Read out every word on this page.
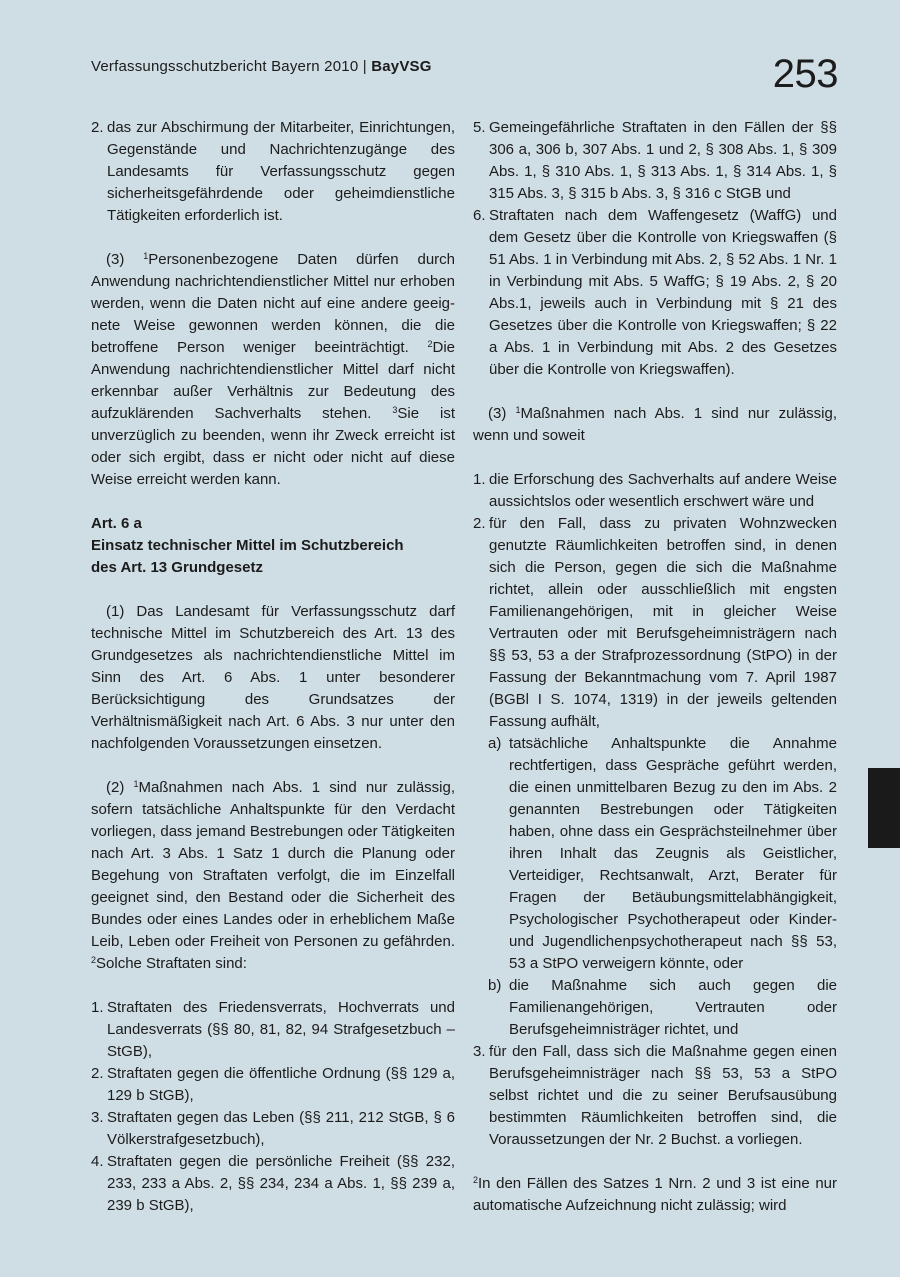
Verfassungsschutzbericht Bayern 2010 | BayVSG	253
2. das zur Abschirmung der Mitarbeiter, Einrichtungen, Gegenstände und Nachrichtenzugänge des Landesamts für Verfassungsschutz gegen sicherheitsgefährdende oder geheimdienstliche Tätigkeiten erforderlich ist.

(3) $^1$Personenbezogene Daten dürfen durch Anwendung nachrichtendienstlicher Mittel nur erhoben werden, wenn die Daten nicht auf eine andere geeig-nete Weise gewonnen werden können, die die betroffene Person weniger beeinträchtigt. $^2$Die Anwendung nachrichtendienstlicher Mittel darf nicht erkennbar außer Verhältnis zur Bedeutung des aufzuklärenden Sachverhalts stehen. $^3$Sie ist unverzüglich zu beenden, wenn ihr Zweck erreicht ist oder sich ergibt, dass er nicht oder nicht auf diese Weise erreicht werden kann.

Art. 6 a

Einsatz technischer Mittel im Schutzbereich

des Art. 13 Grundgesetz

(1) Das Landesamt für Verfassungsschutz darf technische Mittel im Schutzbereich des Art. 13 des Grundgesetzes als nachrichtendienstliche Mittel im Sinn des Art. 6 Abs. 1 unter besonderer Berücksichtigung des Grundsatzes der Verhältnismäßigkeit nach Art. 6 Abs. 3 nur unter den nachfolgenden Voraussetzungen einsetzen.

(2) $^1$Maßnahmen nach Abs. 1 sind nur zulässig, sofern tatsächliche Anhaltspunkte für den Verdacht vorliegen, dass jemand Bestrebungen oder Tätigkeiten nach Art. 3 Abs. 1 Satz 1 durch die Planung oder Begehung von Straftaten verfolgt, die im Einzelfall geeignet sind, den Bestand oder die Sicherheit des Bundes oder eines Landes oder in erheblichem Maße Leib, Leben oder Freiheit von Personen zu gefährden. $^2$Solche Straftaten sind:

1. Straftaten des Friedensverrats, Hochverrats und Landesverrats (§§ 80, 81, 82, 94 Strafgesetzbuch – StGB),
2. Straftaten gegen die öffentliche Ordnung (§§ 129 a, 129 b StGB),
3. Straftaten gegen das Leben (§§ 211, 212 StGB, § 6 Völkerstrafgesetzbuch),
4. Straftaten gegen die persönliche Freiheit (§§ 232, 233, 233 a Abs. 2, §§ 234, 234 a Abs. 1, §§ 239 a, 239 b StGB),
5. Gemeingefährliche Straftaten in den Fällen der §§ 306 a, 306 b, 307 Abs. 1 und 2, § 308 Abs. 1, § 309 Abs. 1, § 310 Abs. 1, § 313 Abs. 1, § 314 Abs. 1, § 315 Abs. 3, § 315 b Abs. 3, § 316 c StGB und
6. Straftaten nach dem Waffengesetz (WaffG) und dem Gesetz über die Kontrolle von Kriegswaffen (§ 51 Abs. 1 in Verbindung mit Abs. 2, § 52 Abs. 1 Nr. 1 in Verbindung mit Abs. 5 WaffG; § 19 Abs. 2, § 20 Abs.1, jeweils auch in Verbindung mit § 21 des Gesetzes über die Kontrolle von Kriegswaffen; § 22 a Abs. 1 in Verbindung mit Abs. 2 des Gesetzes über die Kontrolle von Kriegswaffen).

(3) $^1$Maßnahmen nach Abs. 1 sind nur zulässig, wenn und soweit

1. die Erforschung des Sachverhalts auf andere Weise aussichtslos oder wesentlich erschwert wäre und
2. für den Fall, dass zu privaten Wohnzwecken genutzte Räumlichkeiten betroffen sind, in denen sich die Person, gegen die sich die Maßnahme richtet, allein oder ausschließlich mit engsten Familienangehörigen, mit in gleicher Weise Vertrauten oder mit Berufsgeheimnisträgern nach §§ 53, 53 a der Strafprozessordnung (StPO) in der Fassung der Bekanntmachung vom 7. April 1987 (BGBl I S. 1074, 1319) in der jeweils geltenden Fassung aufhält,
a) tatsächliche Anhaltspunkte die Annahme rechtfertigen, dass Gespräche geführt werden, die einen unmittelbaren Bezug zu den im Abs. 2 genannten Bestrebungen oder Tätigkeiten haben, ohne dass ein Gesprächsteilnehmer über ihren Inhalt das Zeugnis als Geistlicher, Verteidiger, Rechtsanwalt, Arzt, Berater für Fragen der Betäubungsmittelabhängigkeit, Psychologischer Psychotherapeut oder Kinder- und Jugendlichenpsychotherapeut nach §§ 53, 53 a StPO verweigern könnte, oder
b) die Maßnahme sich auch gegen die Familienangehörigen, Vertrauten oder Berufsgeheimnisträger richtet, und
3. für den Fall, dass sich die Maßnahme gegen einen Berufsgeheimnisträger nach §§ 53, 53 a StPO selbst richtet und die zu seiner Berufsausübung bestimmten Räumlichkeiten betroffen sind, die Voraussetzungen der Nr. 2 Buchst. a vorliegen.

$^2$In den Fällen des Satzes 1 Nrn. 2 und 3 ist eine nur automatische Aufzeichnung nicht zulässig; wird
